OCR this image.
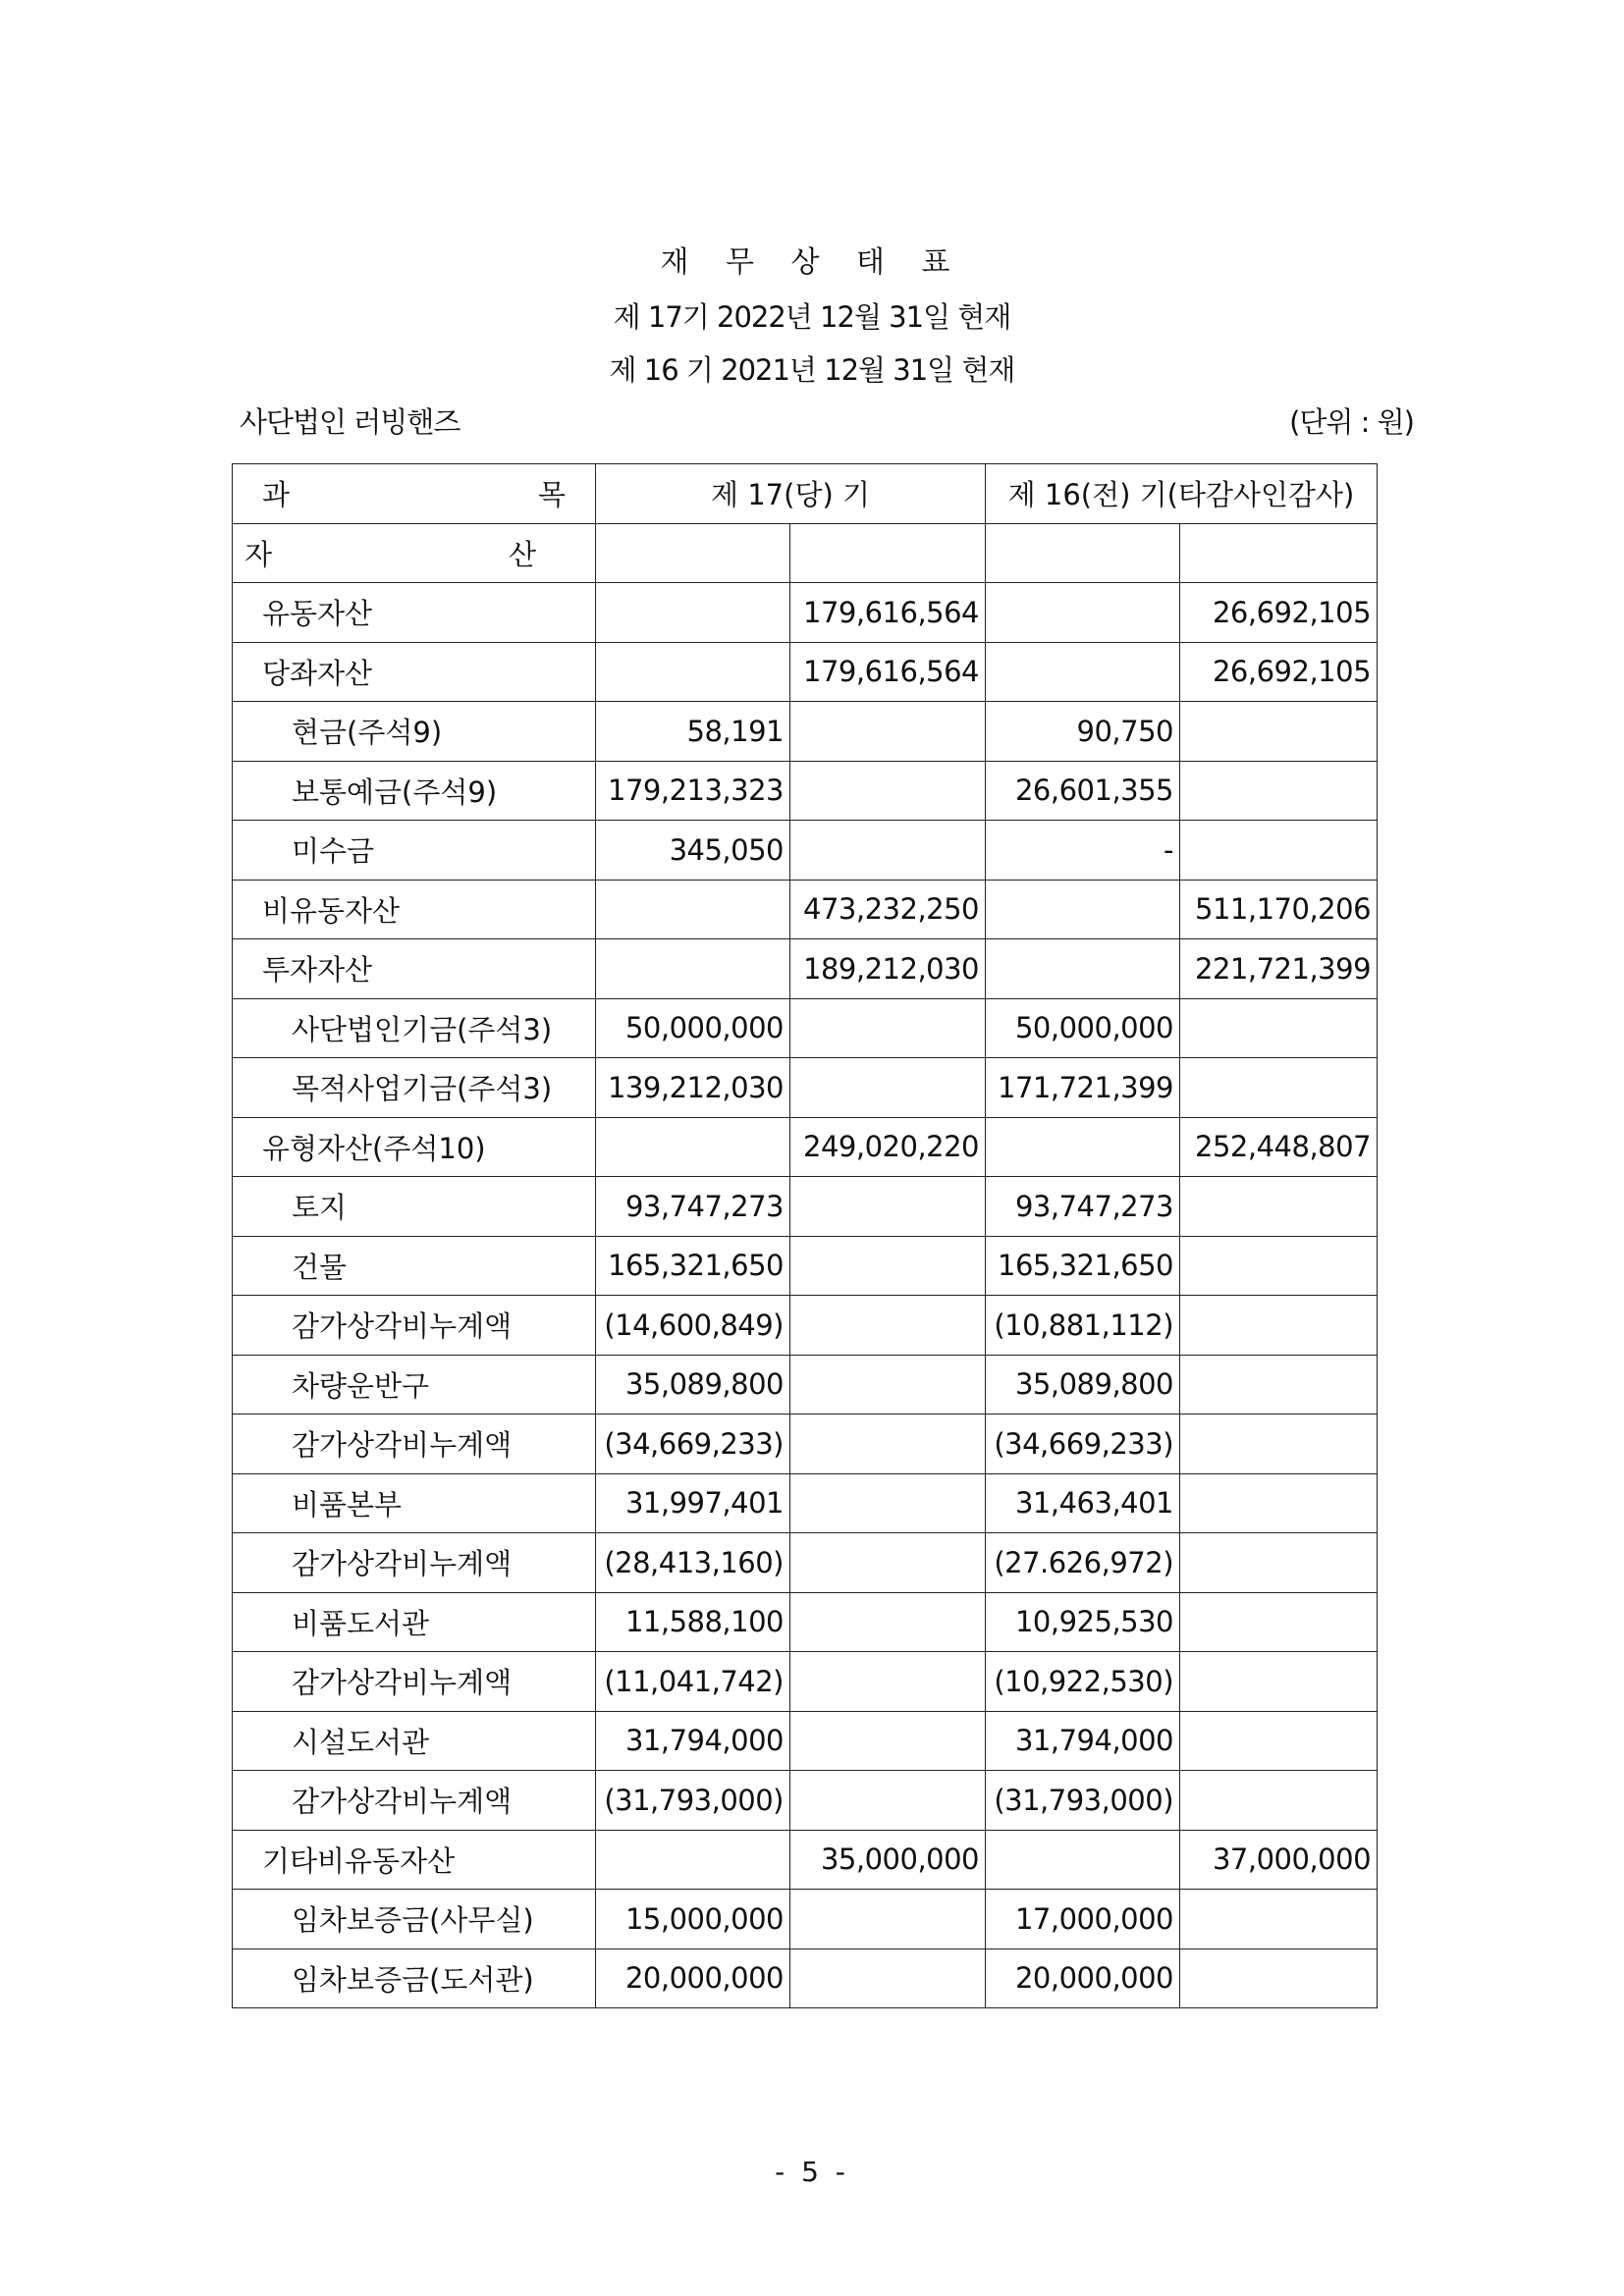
재 무 상 태 표
제 17기 2022년 12월 31일 현재
제 16 기 2021년 12월 31일 현재
사단법인 러빙핸즈	(단위 : 원)
과 목	제 17(당) 기		제 16(전) 기(타감사인감사)	

자 산				

유동자산		179,616,564		26,692,105
당좌자산		179,616,564		26,692,105
현금(주석9)	58,191		90,750	
보통예금(주석9)	179,213,323		26,601,355	
미수금	345,050		-	
비유동자산		473,232,250		511,170,206
투자자산		189,212,030		221,721,399
사단법인기금(주석3)	50,000,000		50,000,000	
목적사업기금(주석3)	139,212,030		171,721,399	
유형자산(주석10)		249,020,220		252,448,807
토지	93,747,273		93,747,273	
건물	165,321,650		165,321,650	
감가상각비누계액	(14,600,849)		(10,881,112)	
차량운반구	35,089,800		35,089,800	
감가상각비누계액	(34,669,233)		(34,669,233)	
비품본부	31,997,401		31,463,401	
감가상각비누계액	(28,413,160)		(27.626,972)	
비품도서관	11,588,100		10,925,530	
감가상각비누계액	(11,041,742)		(10,922,530)	
시설도서관	31,794,000		31,794,000	
감가상각비누계액	(31,793,000)		(31,793,000)	
기타비유동자산		35,000,000		37,000,000
임차보증금(사무실)	15,000,000		17,000,000	
임차보증금(도서관)	20,000,000		20,000,000	
- 5 -
